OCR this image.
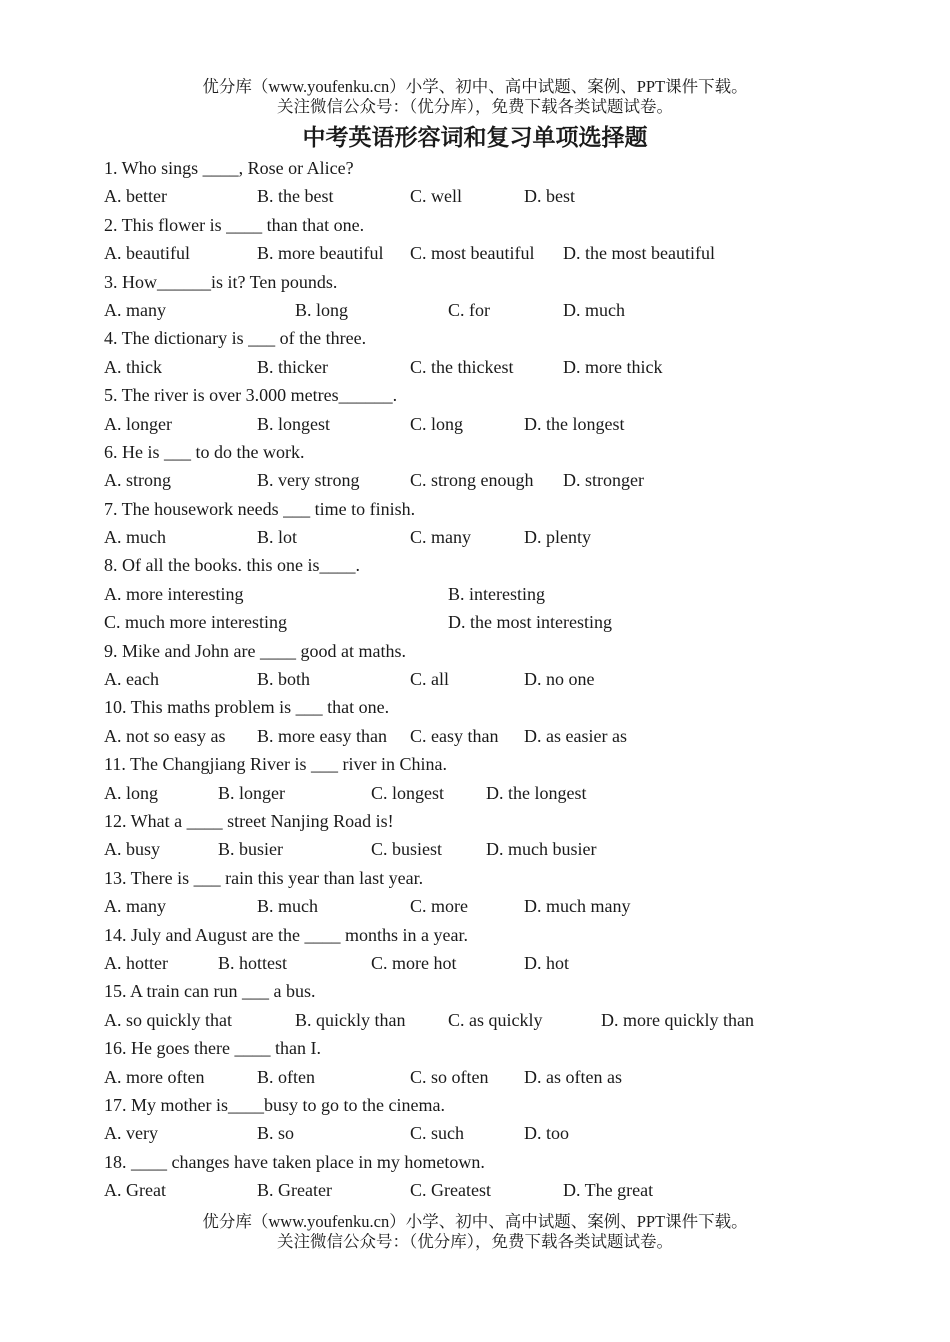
优分库（www.youfenku.cn）小学、初中、高中试题、案例、PPT课件下载。
关注微信公众号：（优分库），免费下载各类试题试卷。
中考英语形容词和复习单项选择题
1. Who sings ____, Rose or Alice?
A. better	B. the best	C. well	D. best
2. This flower is ____ than that one.
A. beautiful	B. more beautiful C. most beautiful D. the most beautiful
3. How______is it? Ten pounds.
A. many	B. long	C. for	D. much
4. The dictionary is ___ of the three.
A. thick	B. thicker	C. the thickest	D. more thick
5. The river is over 3.000 metres______.
A. longer	B. longest	C. long	D. the longest
6. He is ___ to do the work.
A. strong	B. very strong	C. strong enough D. stronger
7. The housework needs ___ time to finish.
A. much	B. lot	C. many	D. plenty
8. Of all the books. this one is____.
A. more interesting	B. interesting
C. much more interesting	D. the most interesting
9. Mike and John are ____ good at maths.
A. each	B. both	C. all	D. no one
10. This maths problem is ___ that one.
A. not so easy as B. more easy than C. easy than D. as easier as
11. The Changjiang River is ___ river in China.
A. long	B. longer	C. longest D. the longest
12. What a ____ street Nanjing Road is!
A. busy	B. busier	C. busiest D. much busier
13. There is ___ rain this year than last year.
A. many	B. much	C. more	D. much many
14. July and August are the ____ months in a year.
A. hotter	B. hottest	C. more hot	D. hot
15. A train can run ___ a bus.
A. so quickly that	B. quickly than C. as quickly	D. more quickly than
16. He goes there ____ than I.
A. more often	B. often	C. so often D. as often as
17. My mother is____busy to go to the cinema.
A. very	B. so	C. such	D. too
18. ____ changes have taken place in my hometown.
A. Great	B. Greater	C. Greatest	D. The great
优分库（www.youfenku.cn）小学、初中、高中试题、案例、PPT课件下载。
关注微信公众号：（优分库），免费下载各类试题试卷。
